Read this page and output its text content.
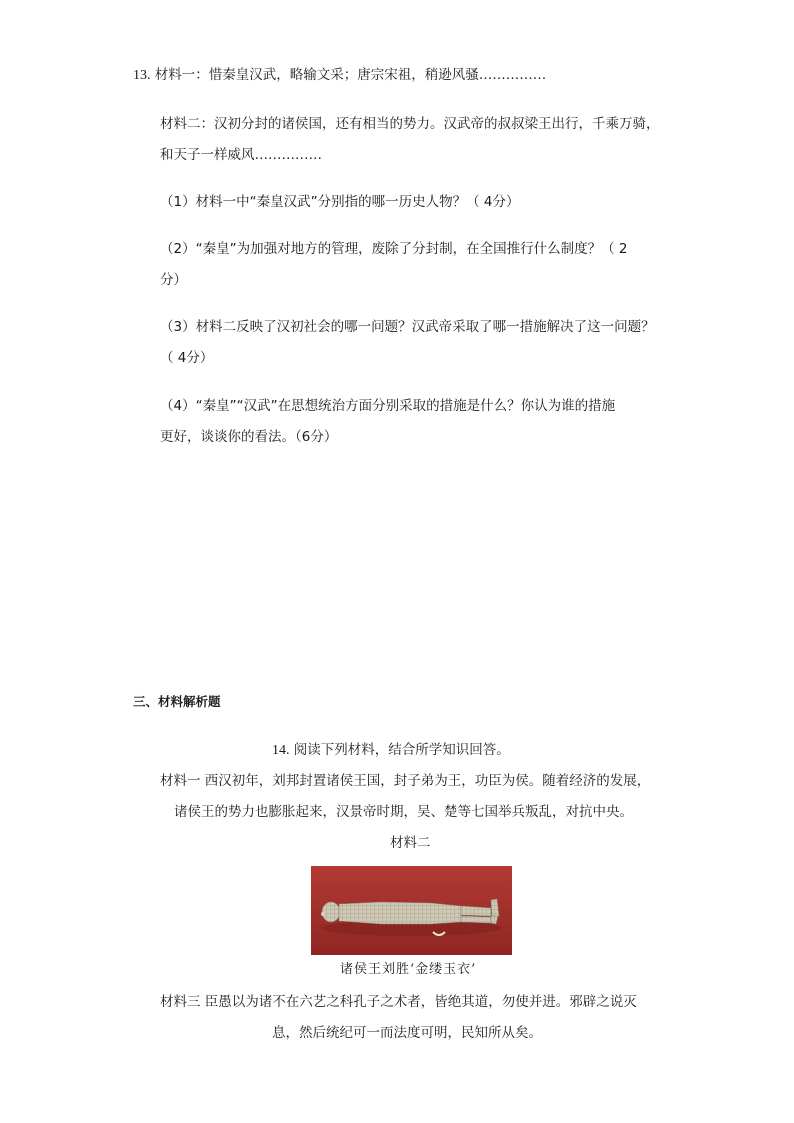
13. 材料一：惜秦皇汉武，略输文采；唐宗宋祖，稍逊风骚……………
材料二：汉初分封的诸侯国，还有相当的势力。汉武帝的叔叔梁王出行，千乘万骑，
和天子一样威风……………
（1）材料一中“秦皇汉武”分别指的哪一历史人物？（ 4分）
（2）“秦皇”为加强对地方的管理，废除了分封制，在全国推行什么制度？（ 2
分）
（3）材料二反映了汉初社会的哪一问题？汉武帝采取了哪一措施解决了这一问题？
（ 4分）
（4）“秦皇”“汉武”在思想统治方面分别采取的措施是什么？你认为谁的措施
更好，谈谈你的看法。（6分）
三、材料解析题
14. 阅读下列材料，结合所学知识回答。
材料一 西汉初年，刘邦封置诸侯王国，封子弟为王，功臣为侯。随着经济的发展，
诸侯王的势力也膨胀起来，汉景帝时期，吴、楚等七国举兵叛乱，对抗中央。
材料二
诸侯王刘胜‘金缕玉衣’
材料三 臣愚以为诸不在六艺之科孔子之术者，皆绝其道，勿使并进。邪辟之说灭
息，然后统纪可一而法度可明，民知所从矣。
